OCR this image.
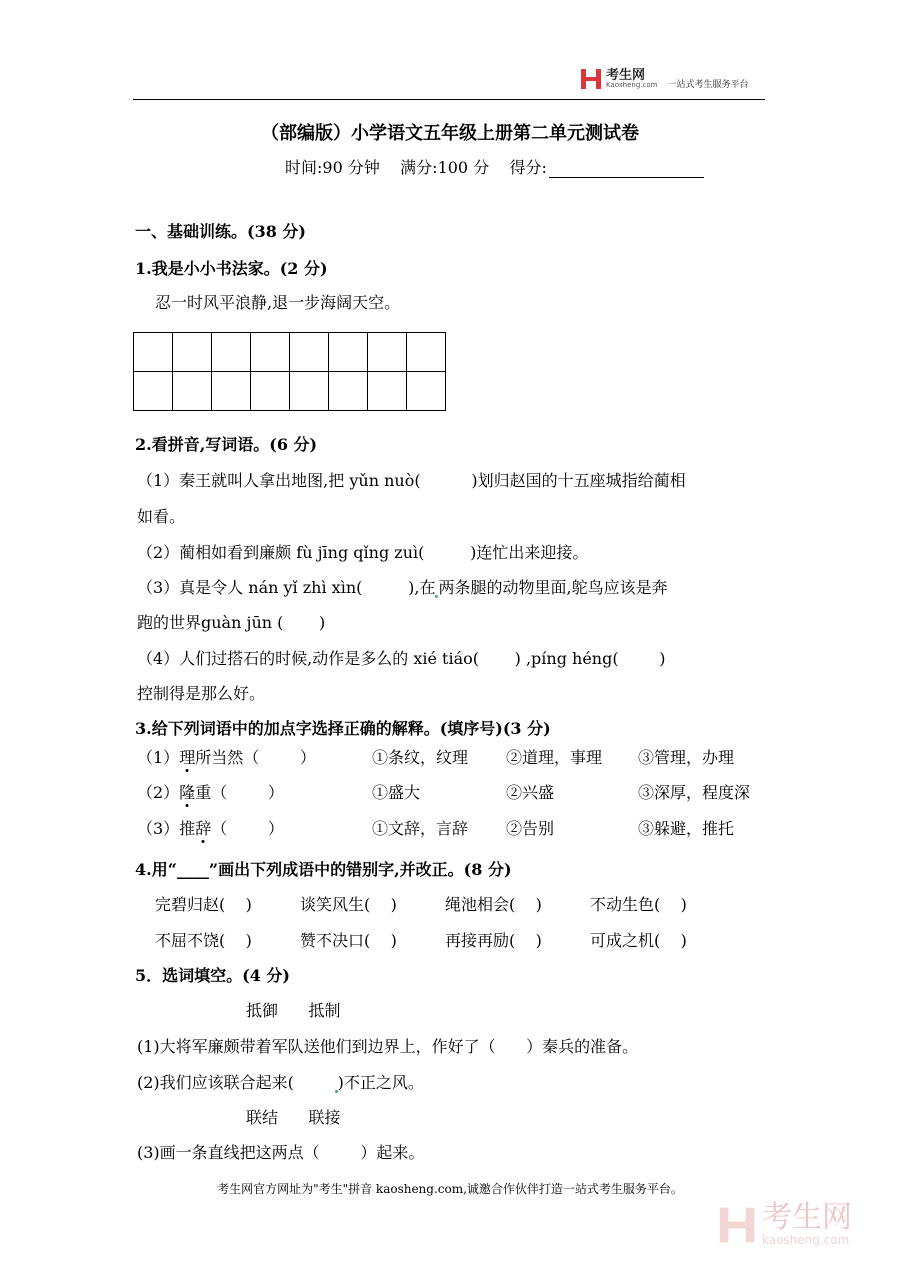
考生网
Kaosheng.com 一站式考生服务平台
（部编版）小学语文五年级上册第二单元测试卷
时间:90 分钟    满分:100 分    得分:
一、基础训练。(38 分)
1.我是小小书法家。(2 分)
忍一时风平浪静,退一步海阔天空。

2.看拼音,写词语。(6 分)
（1）秦王就叫人拿出地图,把 yǔn nuò(          )划归赵国的十五座城指给蔺相
如看。
（2）蔺相如看到廉颇 fù jīng qǐng zuì(         )连忙出来迎接。
（3）真是令人 nán yǐ zhì xìn(         ),在 两条腿的动物里面,鸵鸟应该是奔
跑的世界guàn jūn (       )
（4）人们过搭石的时候,动作是多么的 xié tiáo(       ) ,píng héng(        )
控制得是那么好。
3.给下列词语中的加点字选择正确的解释。(填序号)(3 分)
（1）理所当然（        ）	①条纹，纹理 ②道理，事理 ③管理，办理
（2）隆重（        ）	①盛大	②兴盛	③深厚，程度深
（3）推辞（        ）	①文辞，言辞 ②告别	③躲避，推托
4.用“____”画出下列成语中的错别字,并改正。(8 分)
完碧归赵(    )	谈笑风生(    )	绳池相会(    )	不动生色(    )
不屈不饶(    )	赞不决口(    )	再接再励(    )	可成之机(    )
5．选词填空。(4 分)
抵御      抵制
(1)大将军廉颇带着军队送他们到边界上，作好了（      ）秦兵的准备。
(2)我们应该联合起来(        )不正之风。
联结      联接
(3)画一条直线把这两点（        ）起来。
考生网官方网址为"考生"拼音 kaosheng.com,诚邀合作伙伴打造一站式考生服务平台。
考生网
kaosheng.com
